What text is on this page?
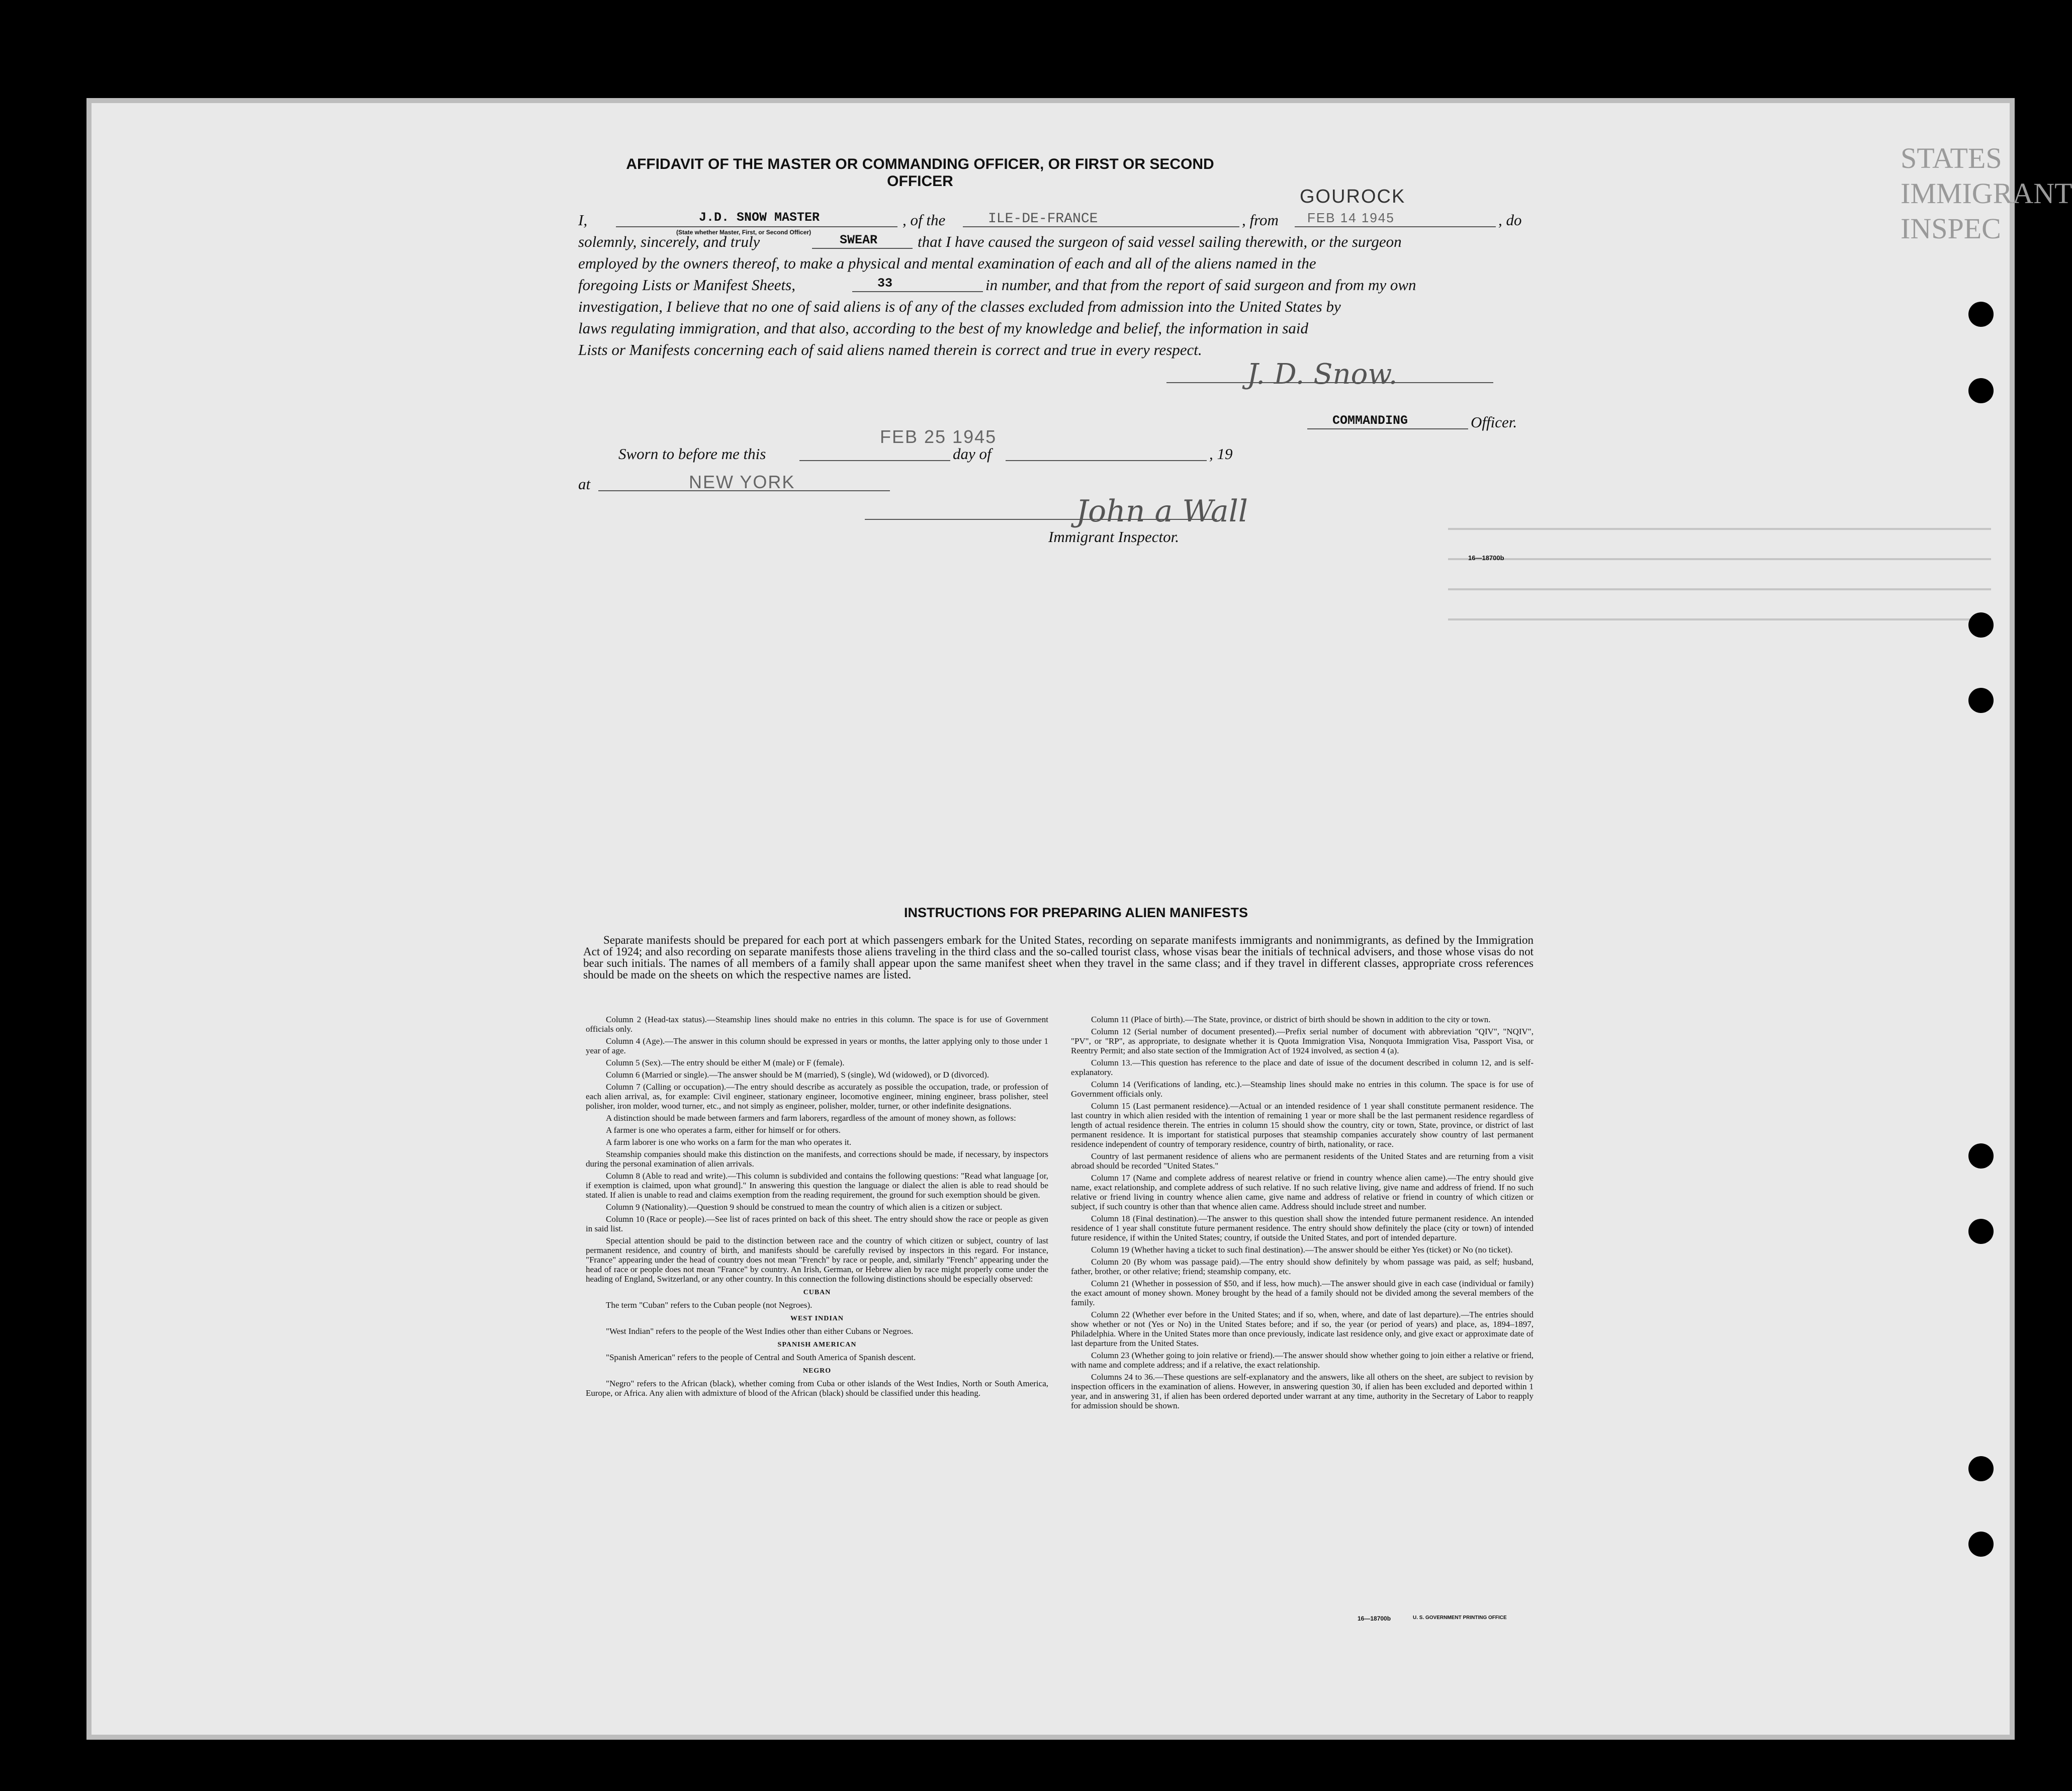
STATES IMMIGRANT INSPEC
AFFIDAVIT OF THE MASTER OR COMMANDING OFFICER, OR FIRST OR SECOND OFFICER
I,	J.D. SNOW MASTER
(State whether Master, First, or Second Officer)
, of the	ILE-DE-FRANCE	, from
GOUROCK
FEB 14 1945	, do
solemnly, sincerely, and truly	SWEAR	that I have caused the surgeon of said vessel sailing therewith, or the surgeon
employed by the owners thereof, to make a physical and mental examination of each and all of the aliens named in the
foregoing Lists or Manifest Sheets,	33	in number, and that from the report of said surgeon and from my own
investigation, I believe that no one of said aliens is of any of the classes excluded from admission into the United States by
laws regulating immigration, and that also, according to the best of my knowledge and belief, the information in said
Lists or Manifests concerning each of said aliens named therein is correct and true in every respect.
J. D. Snow.
COMMANDING	Officer.
Sworn to before me this
FEB 25 1945
day of	, 19
at	NEW YORK
John a Wall
Immigrant Inspector.
16—18700b
INSTRUCTIONS FOR PREPARING ALIEN MANIFESTS

Separate manifests should be prepared for each port at which passengers embark for the United States, recording on separate manifests immigrants and nonimmigrants, as defined by the Immigration Act of 1924; and also recording on separate manifests those aliens traveling in the third class and the so-called tourist class, whose visas bear the initials of technical advisers, and those whose visas do not bear such initials. The names of all members of a family shall appear upon the same manifest sheet when they travel in the same class; and if they travel in different classes, appropriate cross references should be made on the sheets on which the respective names are listed.

Column 2 (Head-tax status).—Steamship lines should make no entries in this column. The space is for use of Government officials only.

Column 4 (Age).—The answer in this column should be expressed in years or months, the latter applying only to those under 1 year of age.

Column 5 (Sex).—The entry should be either M (male) or F (female).

Column 6 (Married or single).—The answer should be M (married), S (single), Wd (widowed), or D (divorced).

Column 7 (Calling or occupation).—The entry should describe as accurately as possible the occupation, trade, or profession of each alien arrival, as, for example: Civil engineer, stationary engineer, locomotive engineer, mining engineer, brass polisher, steel polisher, iron molder, wood turner, etc., and not simply as engineer, polisher, molder, turner, or other indefinite designations.

A distinction should be made between farmers and farm laborers, regardless of the amount of money shown, as follows:

A farmer is one who operates a farm, either for himself or for others.

A farm laborer is one who works on a farm for the man who operates it.

Steamship companies should make this distinction on the manifests, and corrections should be made, if necessary, by inspectors during the personal examination of alien arrivals.

Column 8 (Able to read and write).—This column is subdivided and contains the following questions: "Read what language [or, if exemption is claimed, upon what ground]." In answering this question the language or dialect the alien is able to read should be stated. If alien is unable to read and claims exemption from the reading requirement, the ground for such exemption should be given.

Column 9 (Nationality).—Question 9 should be construed to mean the country of which alien is a citizen or subject.

Column 10 (Race or people).—See list of races printed on back of this sheet. The entry should show the race or people as given in said list.

Special attention should be paid to the distinction between race and the country of which citizen or subject, country of last permanent residence, and country of birth, and manifests should be carefully revised by inspectors in this regard. For instance, "France" appearing under the head of country does not mean "French" by race or people, and, similarly "French" appearing under the head of race or people does not mean "France" by country. An Irish, German, or Hebrew alien by race might properly come under the heading of England, Switzerland, or any other country. In this connection the following distinctions should be especially observed:

CUBAN

The term "Cuban" refers to the Cuban people (not Negroes).

WEST INDIAN

"West Indian" refers to the people of the West Indies other than either Cubans or Negroes.

SPANISH AMERICAN

"Spanish American" refers to the people of Central and South America of Spanish descent.

NEGRO

"Negro" refers to the African (black), whether coming from Cuba or other islands of the West Indies, North or South America, Europe, or Africa. Any alien with admixture of blood of the African (black) should be classified under this heading.

Column 11 (Place of birth).—The State, province, or district of birth should be shown in addition to the city or town.

Column 12 (Serial number of document presented).—Prefix serial number of document with abbreviation "QIV", "NQIV", "PV", or "RP", as appropriate, to designate whether it is Quota Immigration Visa, Nonquota Immigration Visa, Passport Visa, or Reentry Permit; and also state section of the Immigration Act of 1924 involved, as section 4 (a).

Column 13.—This question has reference to the place and date of issue of the document described in column 12, and is self-explanatory.

Column 14 (Verifications of landing, etc.).—Steamship lines should make no entries in this column. The space is for use of Government officials only.

Column 15 (Last permanent residence).—Actual or an intended residence of 1 year shall constitute permanent residence. The last country in which alien resided with the intention of remaining 1 year or more shall be the last permanent residence regardless of length of actual residence therein. The entries in column 15 should show the country, city or town, State, province, or district of last permanent residence. It is important for statistical purposes that steamship companies accurately show country of last permanent residence independent of country of temporary residence, country of birth, nationality, or race.

Country of last permanent residence of aliens who are permanent residents of the United States and are returning from a visit abroad should be recorded "United States."

Column 17 (Name and complete address of nearest relative or friend in country whence alien came).—The entry should give name, exact relationship, and complete address of such relative. If no such relative living, give name and address of friend. If no such relative or friend living in country whence alien came, give name and address of relative or friend in country of which citizen or subject, if such country is other than that whence alien came. Address should include street and number.

Column 18 (Final destination).—The answer to this question shall show the intended future permanent residence. An intended residence of 1 year shall constitute future permanent residence. The entry should show definitely the place (city or town) of intended future residence, if within the United States; country, if outside the United States, and port of intended departure.

Column 19 (Whether having a ticket to such final destination).—The answer should be either Yes (ticket) or No (no ticket).

Column 20 (By whom was passage paid).—The entry should show definitely by whom passage was paid, as self; husband, father, brother, or other relative; friend; steamship company, etc.

Column 21 (Whether in possession of $50, and if less, how much).—The answer should give in each case (individual or family) the exact amount of money shown. Money brought by the head of a family should not be divided among the several members of the family.

Column 22 (Whether ever before in the United States; and if so, when, where, and date of last departure).—The entries should show whether or not (Yes or No) in the United States before; and if so, the year (or period of years) and place, as, 1894–1897, Philadelphia. Where in the United States more than once previously, indicate last residence only, and give exact or approximate date of last departure from the United States.

Column 23 (Whether going to join relative or friend).—The answer should show whether going to join either a relative or friend, with name and complete address; and if a relative, the exact relationship.

Columns 24 to 36.—These questions are self-explanatory and the answers, like all others on the sheet, are subject to revision by inspection officers in the examination of aliens. However, in answering question 30, if alien has been excluded and deported within 1 year, and in answering 31, if alien has been ordered deported under warrant at any time, authority in the Secretary of Labor to reapply for admission should be shown.

16—18700b	U. S. GOVERNMENT PRINTING OFFICE
